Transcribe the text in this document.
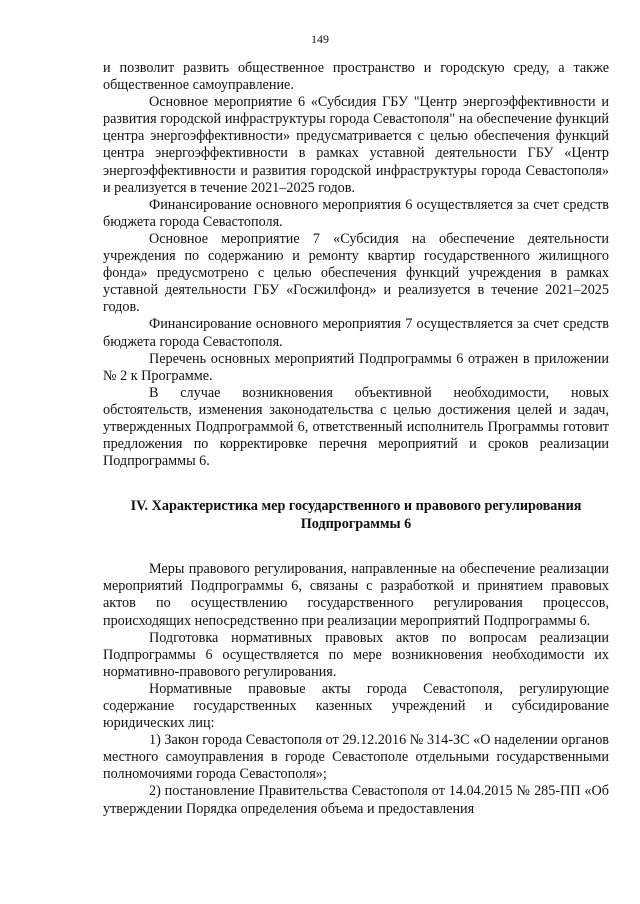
149

и позволит развить общественное пространство и городскую среду, а также общественное самоуправление.

Основное мероприятие 6 «Субсидия ГБУ "Центр энергоэффективности и развития городской инфраструктуры города Севастополя" на обеспечение функций центра энергоэффективности» предусматривается с целью обеспечения функций центра энергоэффективности в рамках уставной деятельности ГБУ «Центр энергоэффективности и развития городской инфраструктуры города Севастополя» и реализуется в течение 2021–2025 годов.

Финансирование основного мероприятия 6 осуществляется за счет средств бюджета города Севастополя.

Основное мероприятие 7 «Субсидия на обеспечение деятельности учреждения по содержанию и ремонту квартир государственного жилищного фонда» предусмотрено с целью обеспечения функций учреждения в рамках уставной деятельности ГБУ «Госжилфонд» и реализуется в течение 2021–2025 годов.

Финансирование основного мероприятия 7 осуществляется за счет средств бюджета города Севастополя.

Перечень основных мероприятий Подпрограммы 6 отражен в приложении № 2 к Программе.

В случае возникновения объективной необходимости, новых обстоятельств, изменения законодательства с целью достижения целей и задач, утвержденных Подпрограммой 6, ответственный исполнитель Программы готовит предложения по корректировке перечня мероприятий и сроков реализации Подпрограммы 6.

IV. Характеристика мер государственного и правового регулирования
Подпрограммы 6

Меры правового регулирования, направленные на обеспечение реализации мероприятий Подпрограммы 6, связаны с разработкой и принятием правовых актов по осуществлению государственного регулирования процессов, происходящих непосредственно при реализации мероприятий Подпрограммы 6.

Подготовка нормативных правовых актов по вопросам реализации Подпрограммы 6 осуществляется по мере возникновения необходимости их нормативно-правового регулирования.

Нормативные правовые акты города Севастополя, регулирующие содержание государственных казенных учреждений и субсидирование юридических лиц:

1) Закон города Севастополя от 29.12.2016 № 314-ЗС «О наделении органов местного самоуправления в городе Севастополе отдельными государственными полномочиями города Севастополя»;

2) постановление Правительства Севастополя от 14.04.2015 № 285-ПП «Об утверждении Порядка определения объема и предоставления
